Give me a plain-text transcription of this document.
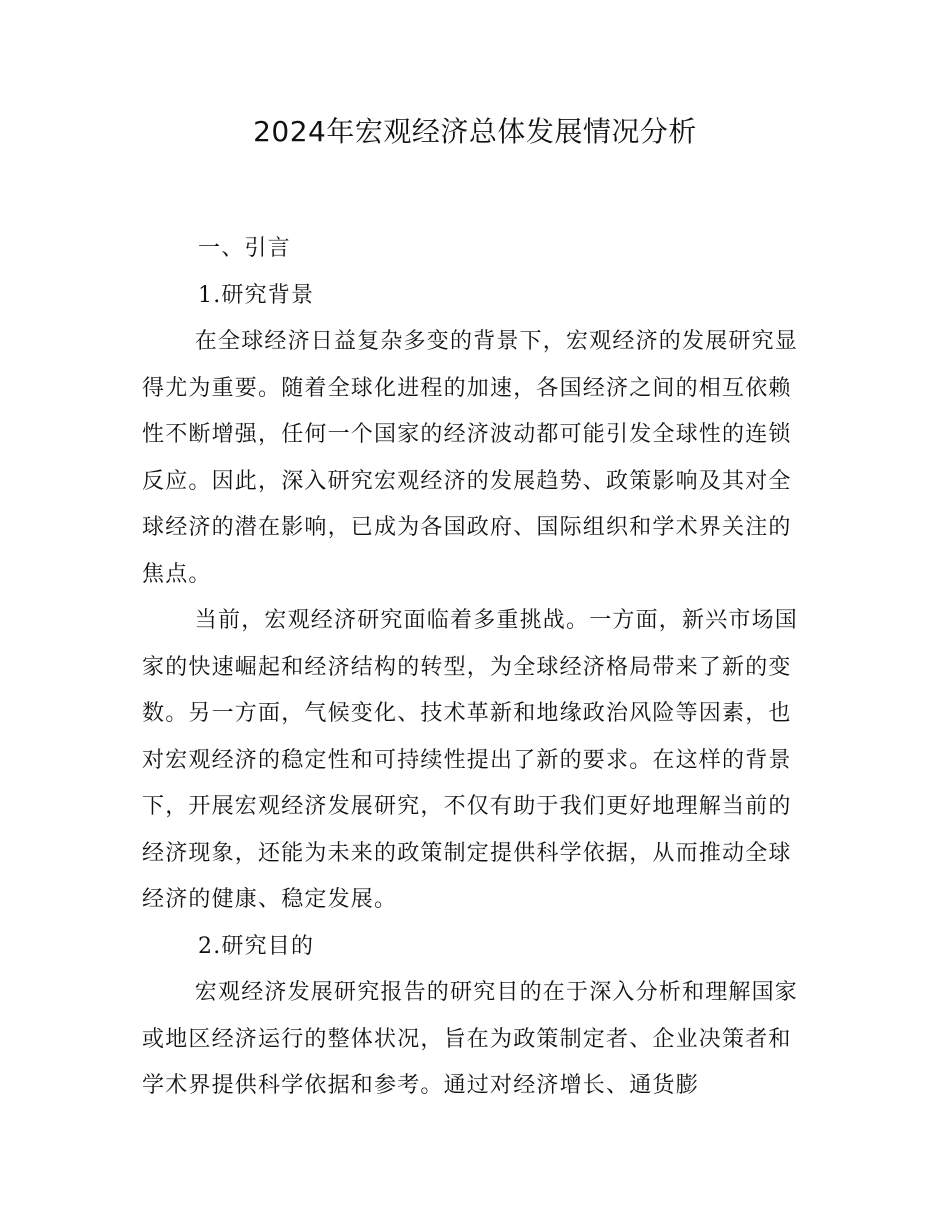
2024年宏观经济总体发展情况分析

一、引言

1.研究背景

在全球经济日益复杂多变的背景下，宏观经济的发展研究显得尤为重要。随着全球化进程的加速，各国经济之间的相互依赖性不断增强，任何一个国家的经济波动都可能引发全球性的连锁反应。因此，深入研究宏观经济的发展趋势、政策影响及其对全球经济的潜在影响，已成为各国政府、国际组织和学术界关注的焦点。

当前，宏观经济研究面临着多重挑战。一方面，新兴市场国家的快速崛起和经济结构的转型，为全球经济格局带来了新的变数。另一方面，气候变化、技术革新和地缘政治风险等因素，也对宏观经济的稳定性和可持续性提出了新的要求。在这样的背景下，开展宏观经济发展研究，不仅有助于我们更好地理解当前的经济现象，还能为未来的政策制定提供科学依据，从而推动全球经济的健康、稳定发展。

2.研究目的

宏观经济发展研究报告的研究目的在于深入分析和理解国家或地区经济运行的整体状况，旨在为政策制定者、企业决策者和学术界提供科学依据和参考。通过对经济增长、通货膨
